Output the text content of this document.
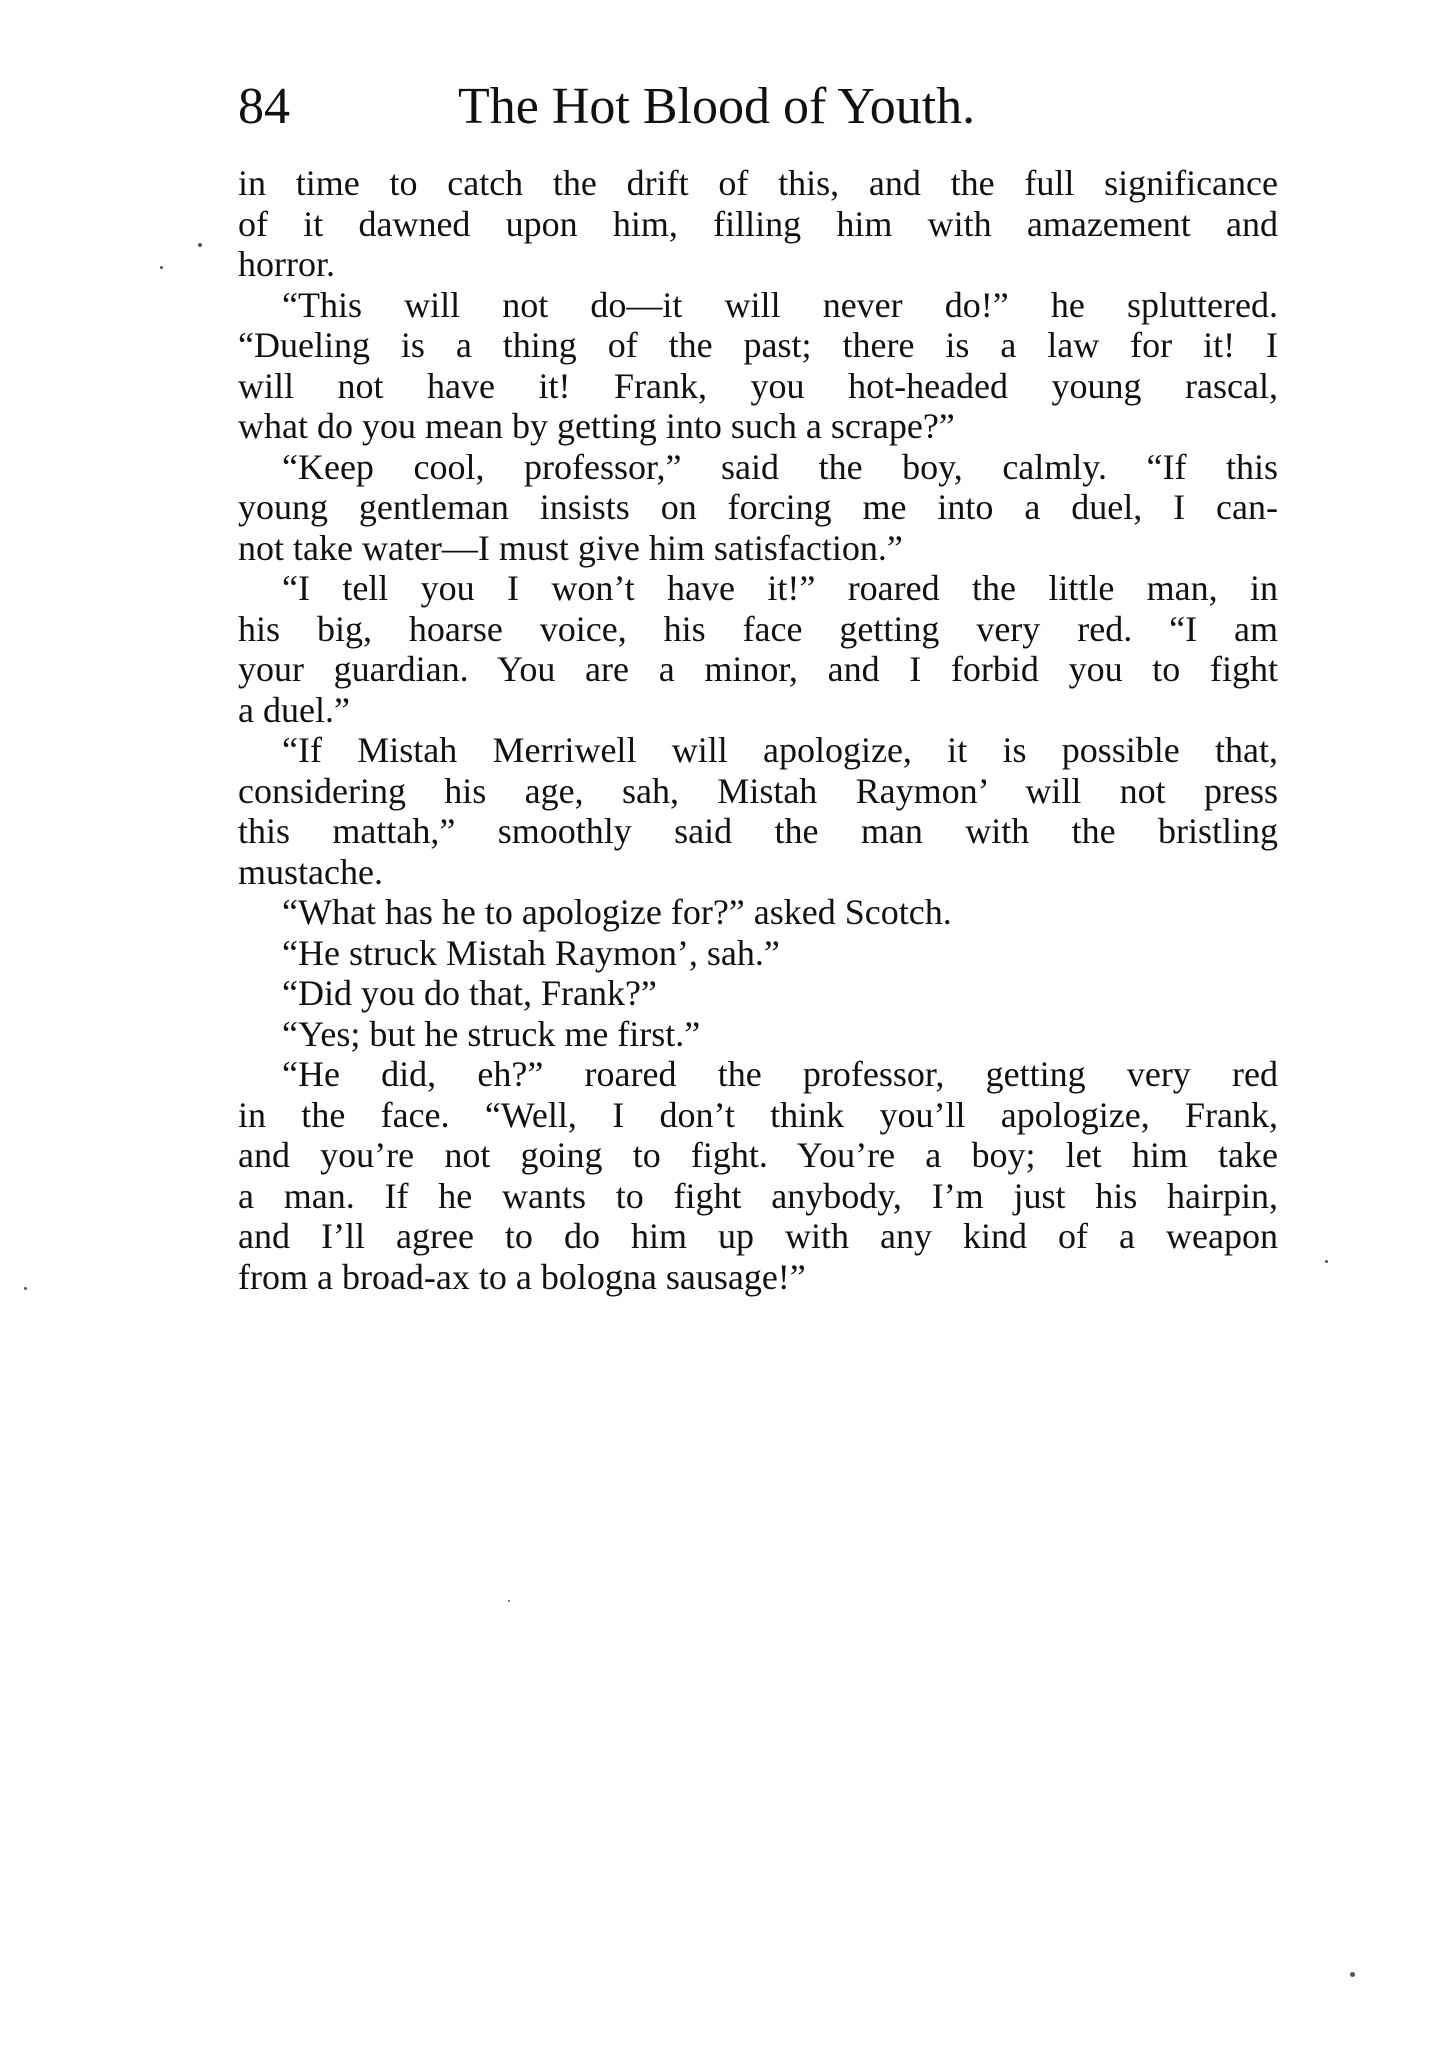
84	The Hot Blood of Youth.
in time to catch the drift of this, and the full significance
of it dawned upon him, filling him with amazement and
horror.
“This will not do—it will never do!” he spluttered.
“Dueling is a thing of the past; there is a law for it! I
will not have it! Frank, you hot-headed young rascal,
what do you mean by getting into such a scrape?”
“Keep cool, professor,” said the boy, calmly. “If this
young gentleman insists on forcing me into a duel, I can-
not take water—I must give him satisfaction.”
“I tell you I won’t have it!” roared the little man, in
his big, hoarse voice, his face getting very red. “I am
your guardian. You are a minor, and I forbid you to fight
a duel.”
“If Mistah Merriwell will apologize, it is possible that,
considering his age, sah, Mistah Raymon’ will not press
this mattah,” smoothly said the man with the bristling
mustache.
“What has he to apologize for?” asked Scotch.
“He struck Mistah Raymon’, sah.”
“Did you do that, Frank?”
“Yes; but he struck me first.”
“He did, eh?” roared the professor, getting very red
in the face. “Well, I don’t think you’ll apologize, Frank,
and you’re not going to fight. You’re a boy; let him take
a man. If he wants to fight anybody, I’m just his hairpin,
and I’ll agree to do him up with any kind of a weapon
from a broad-ax to a bologna sausage!”
